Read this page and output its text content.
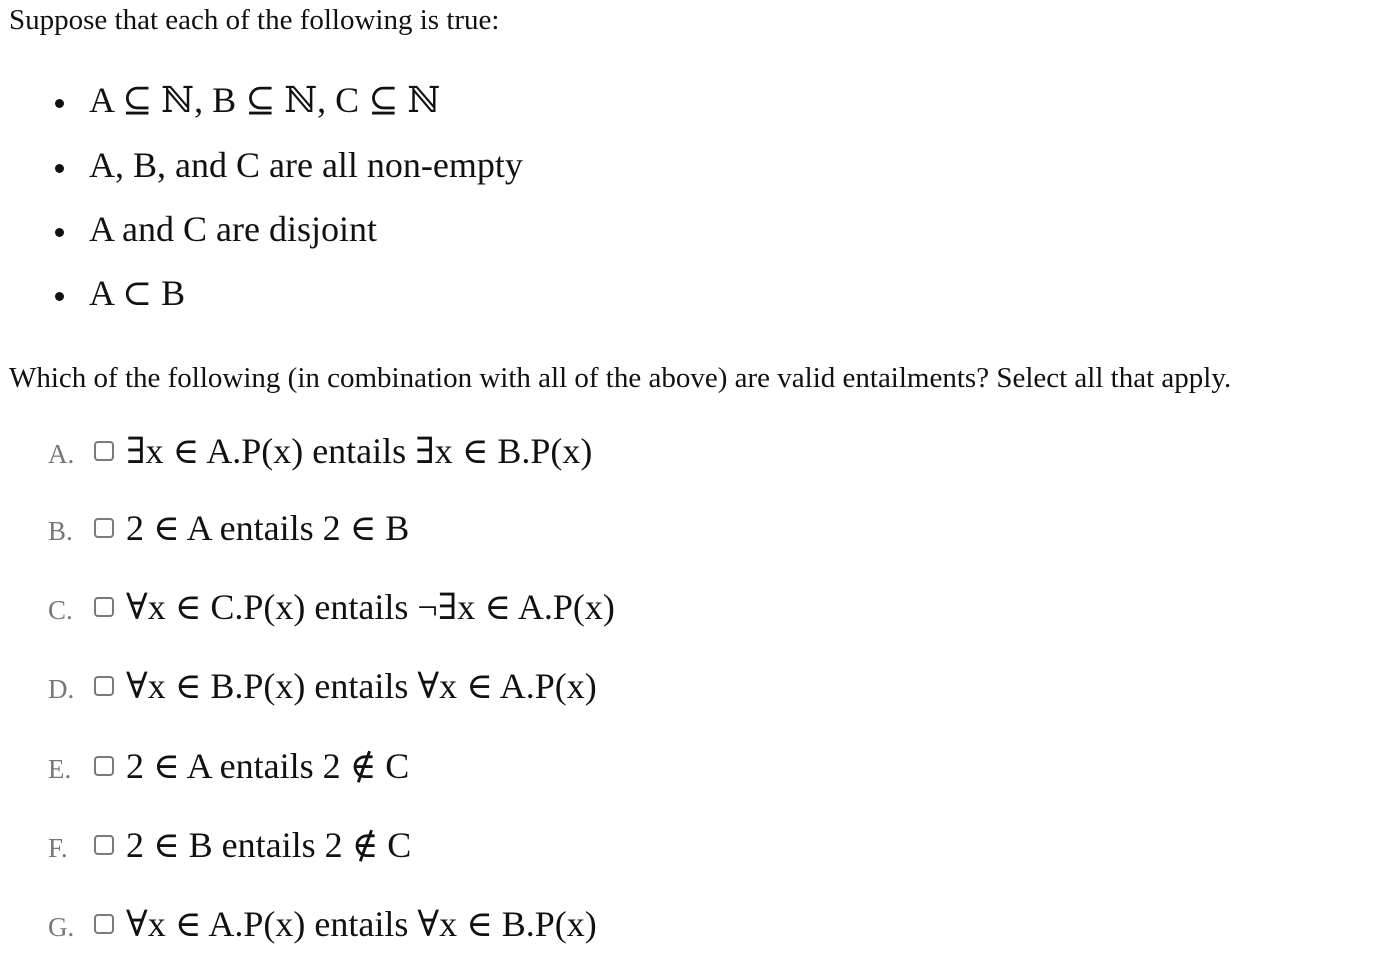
Suppose that each of the following is true:
A ⊆ ℕ, B ⊆ ℕ, C ⊆ ℕ
A, B, and C are all non-empty
A and C are disjoint
A ⊂ B
Which of the following (in combination with all of the above) are valid entailments? Select all that apply.
A. ∃x ∈ A.P(x) entails ∃x ∈ B.P(x)
B. 2 ∈ A entails 2 ∈ B
C. ∀x ∈ C.P(x) entails ¬∃x ∈ A.P(x)
D. ∀x ∈ B.P(x) entails ∀x ∈ A.P(x)
E. 2 ∈ A entails 2 ∉ C
F. 2 ∈ B entails 2 ∉ C
G. ∀x ∈ A.P(x) entails ∀x ∈ B.P(x)
